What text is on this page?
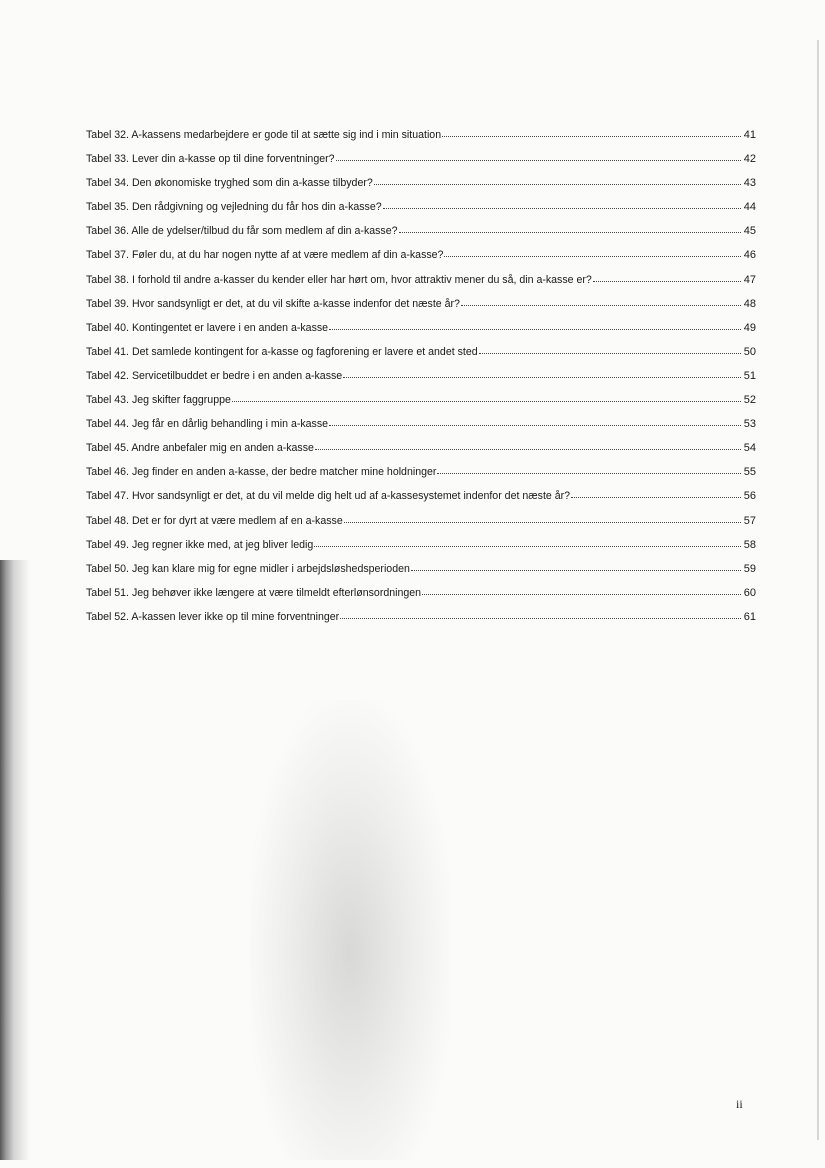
Tabel 32. A-kassens medarbejdere er gode til at sætte sig ind i min situation	41
Tabel 33. Lever din a-kasse op til dine forventninger?	42
Tabel 34. Den økonomiske tryghed som din a-kasse tilbyder?	43
Tabel 35. Den rådgivning og vejledning du får hos din a-kasse?	44
Tabel 36. Alle de ydelser/tilbud du får som medlem af din a-kasse?	45
Tabel 37. Føler du, at du har nogen nytte af at være medlem af din a-kasse?	46
Tabel 38. I forhold til andre a-kasser du kender eller har hørt om, hvor attraktiv mener du så, din a-kasse er?	47
Tabel 39. Hvor sandsynligt er det, at du vil skifte a-kasse indenfor det næste år?	48
Tabel 40. Kontingentet er lavere i en anden a-kasse	49
Tabel 41. Det samlede kontingent for a-kasse og fagforening er lavere et andet sted	50
Tabel 42. Servicetilbuddet er bedre i en anden a-kasse	51
Tabel 43. Jeg skifter faggruppe	52
Tabel 44. Jeg får en dårlig behandling i min a-kasse	53
Tabel 45. Andre anbefaler mig en anden a-kasse	54
Tabel 46. Jeg finder en anden a-kasse, der bedre matcher mine holdninger	55
Tabel 47. Hvor sandsynligt er det, at du vil melde dig helt ud af a-kassesystemet indenfor det næste år?	56
Tabel 48. Det er for dyrt at være medlem af en a-kasse	57
Tabel 49. Jeg regner ikke med, at jeg bliver ledig	58
Tabel 50. Jeg kan klare mig for egne midler i arbejdsløshedsperioden	59
Tabel 51. Jeg behøver ikke længere at være tilmeldt efterlønsordningen	60
Tabel 52. A-kassen lever ikke op til mine forventninger	61
ii
